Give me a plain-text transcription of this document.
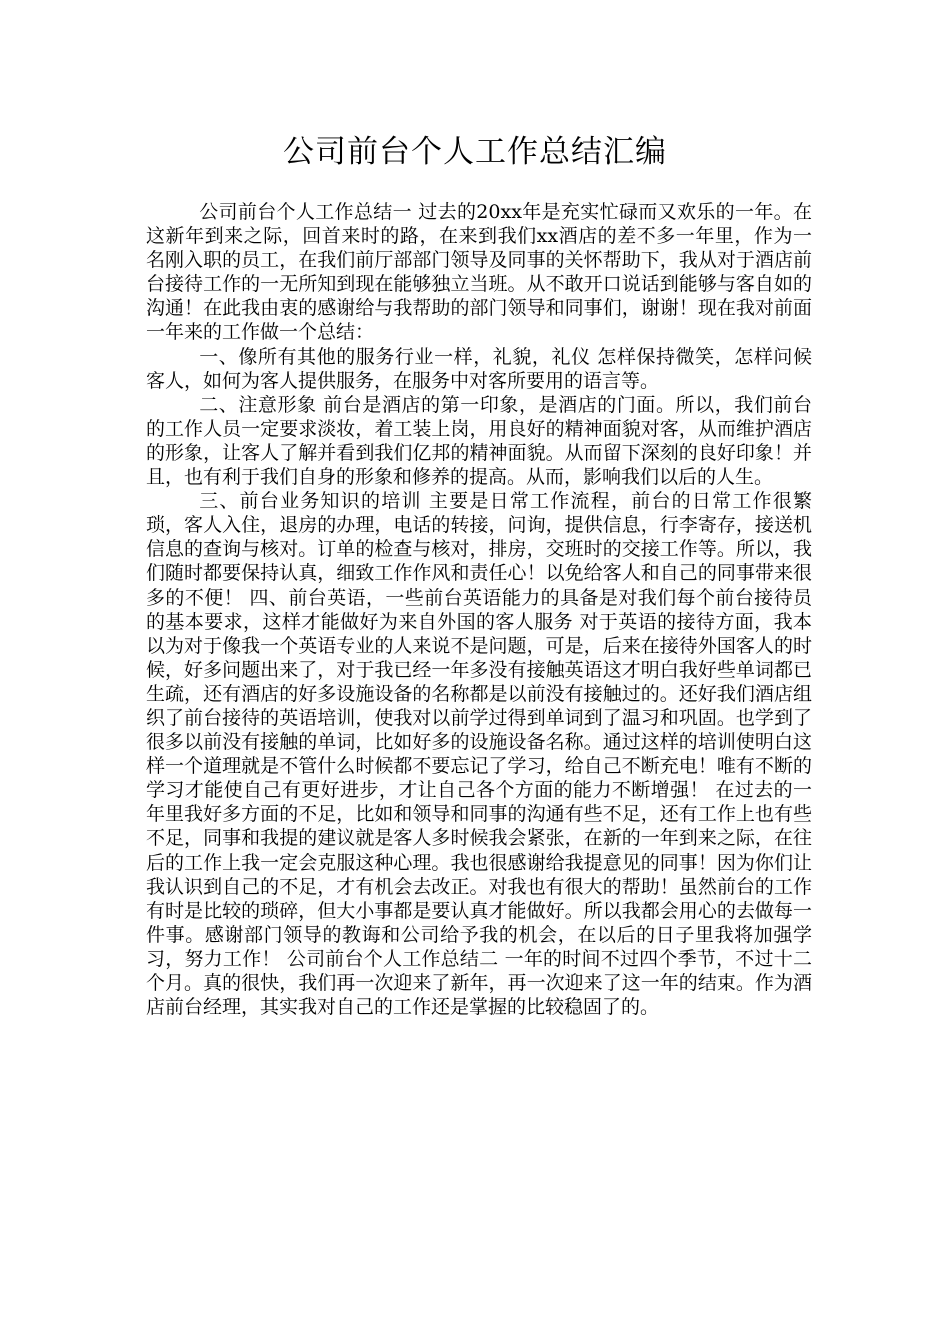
公司前台个人工作总结汇编

公司前台个人工作总结一 过去的20xx年是充实忙碌而又欢乐的一年。在这新年到来之际，回首来时的路，在来到我们xx酒店的差不多一年里，作为一名刚入职的员工，在我们前厅部部门领导及同事的关怀帮助下，我从对于酒店前台接待工作的一无所知到现在能够独立当班。从不敢开口说话到能够与客自如的沟通！在此我由衷的感谢给与我帮助的部门领导和同事们，谢谢！现在我对前面一年来的工作做一个总结：

一、像所有其他的服务行业一样，礼貌，礼仪 怎样保持微笑，怎样问候客人，如何为客人提供服务，在服务中对客所要用的语言等。

二、注意形象 前台是酒店的第一印象，是酒店的门面。所以，我们前台的工作人员一定要求淡妆，着工装上岗，用良好的精神面貌对客，从而维护酒店的形象，让客人了解并看到我们亿邦的精神面貌。从而留下深刻的良好印象！并且，也有利于我们自身的形象和修养的提高。从而，影响我们以后的人生。

三、前台业务知识的培训 主要是日常工作流程，前台的日常工作很繁琐，客人入住，退房的办理，电话的转接，问询，提供信息，行李寄存，接送机信息的查询与核对。订单的检查与核对，排房，交班时的交接工作等。所以，我们随时都要保持认真，细致工作作风和责任心！以免给客人和自己的同事带来很多的不便！ 四、前台英语，一些前台英语能力的具备是对我们每个前台接待员的基本要求，这样才能做好为来自外国的客人服务 对于英语的接待方面，我本以为对于像我一个英语专业的人来说不是问题，可是，后来在接待外国客人的时候，好多问题出来了，对于我已经一年多没有接触英语这才明白我好些单词都已生疏，还有酒店的好多设施设备的名称都是以前没有接触过的。还好我们酒店组织了前台接待的英语培训，使我对以前学过得到单词到了温习和巩固。也学到了很多以前没有接触的单词，比如好多的设施设备名称。通过这样的培训使明白这样一个道理就是不管什么时候都不要忘记了学习，给自己不断充电！唯有不断的学习才能使自己有更好进步，才让自己各个方面的能力不断增强！ 在过去的一年里我好多方面的不足，比如和领导和同事的沟通有些不足，还有工作上也有些不足，同事和我提的建议就是客人多时候我会紧张，在新的一年到来之际，在往后的工作上我一定会克服这种心理。我也很感谢给我提意见的同事！因为你们让我认识到自己的不足，才有机会去改正。对我也有很大的帮助！虽然前台的工作有时是比较的琐碎，但大小事都是要认真才能做好。所以我都会用心的去做每一件事。感谢部门领导的教诲和公司给予我的机会，在以后的日子里我将加强学习，努力工作！ 公司前台个人工作总结二 一年的时间不过四个季节，不过十二个月。真的很快，我们再一次迎来了新年，再一次迎来了这一年的结束。作为酒店前台经理，其实我对自己的工作还是掌握的比较稳固了的。
